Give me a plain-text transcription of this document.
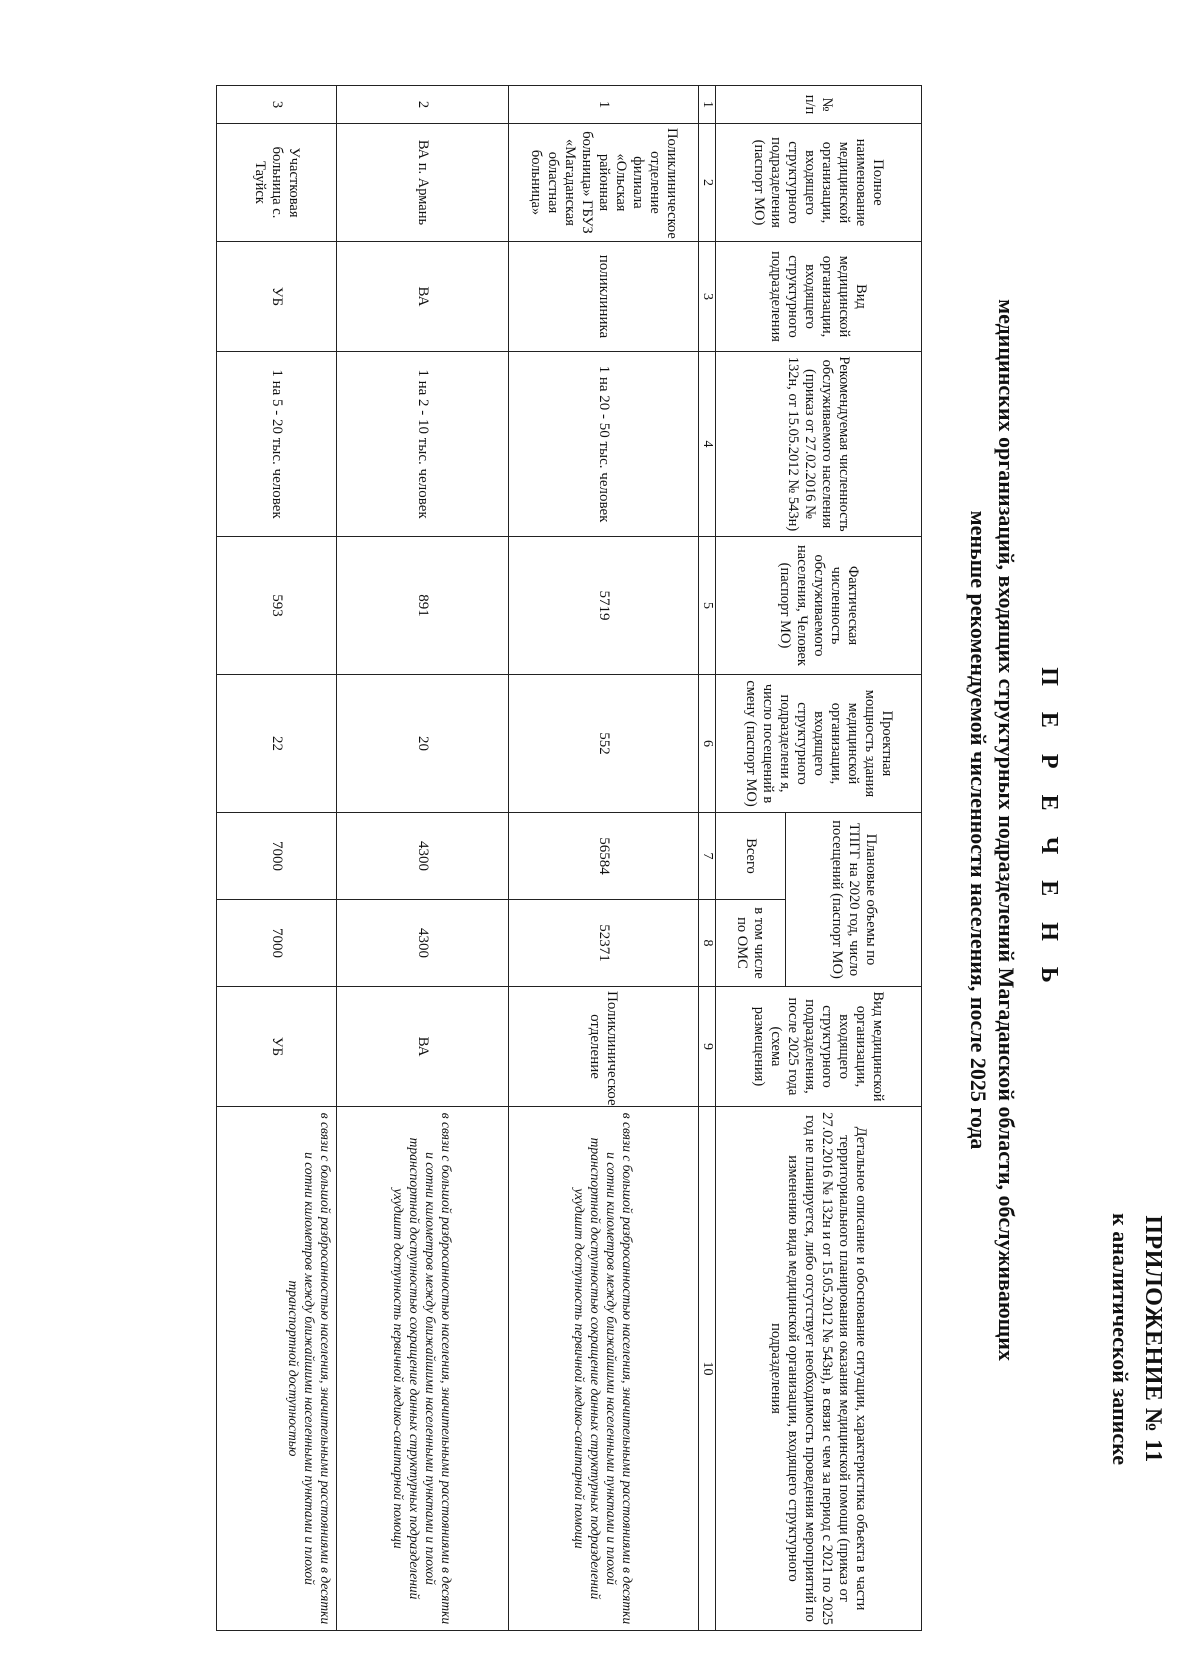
ПРИЛОЖЕНИЕ № 11
к аналитической записке
П Е Р Е Ч Е Н Ь
медицинских организаций, входящих структурных подразделений Магаданской области, обслуживающих
меньше рекомендуемой численности населения, после 2025 года
№ п/п	Полное наименование медицинской организации, входящего структурного подразделения (паспорт МО)	Вид медицинской организации, входящего структурного подразделения	Рекомендуемая численность обслуживаемого населения (приказ от 27.02.2016 № 132н, от 15.05.2012 № 543н)	Фактическая численность обслуживаемого населения, Человек (паспорт МО)	Проектная мощность здания медицинской организации, входящего структурного подразделени я, число посещений в смену (паспорт МО)	Плановые объемы по ТПГГ на 2020 год, число посещений (паспорт МО)		Вид медицинской организации, входящего структурного подразделения, после 2025 года (схема размещения)	Детальное описание и обоснование ситуации, характеристика объекта в части территориального планирования оказания медицинской помощи (приказ от 27.02.2016 № 132н и от 15.05.2012 № 543н), в связи с чем за период с 2021 по 2025 год не планируется, либо отсутствует необходимость проведения мероприятий по изменению вида медицинской организации, входящего структурного подразделения
						Всего	в том числе по ОМС		
1	2	3	4	5	6	7	8	9	10
1	Поликлиническое отделение филиала «Ольская районная больница» ГБУЗ «Магаданская областная больница»	поликлиника	1 на 20 - 50 тыс. человек	5719	552	56584	52371	Поликлиническое отделение	в связи с большой разбросанностью населения, значительными расстояниями в десятки и сотни километров между ближайшими населенными пунктами и плохой транспортной доступностью сокращение данных структурных подразделений ухудшит доступность первичной медико-санитарной помощи
2	ВА п. Армань	ВА	1 на 2 - 10 тыс. человек	891	20	4300	4300	ВА	в связи с большой разбросанностью населения, значительными расстояниями в десятки и сотни километров между ближайшими населенными пунктами и плохой транспортной доступностью сокращение данных структурных подразделений ухудшит доступность первичной медико-санитарной помощи
3	Участковая больница с. Тауйск	УБ	1 на 5 - 20 тыс. человек	593	22	7000	7000	УБ	в связи с большой разбросанностью населения, значительными расстояниями в десятки и сотни километров между ближайшими населенными пунктами и плохой транспортной доступностью
